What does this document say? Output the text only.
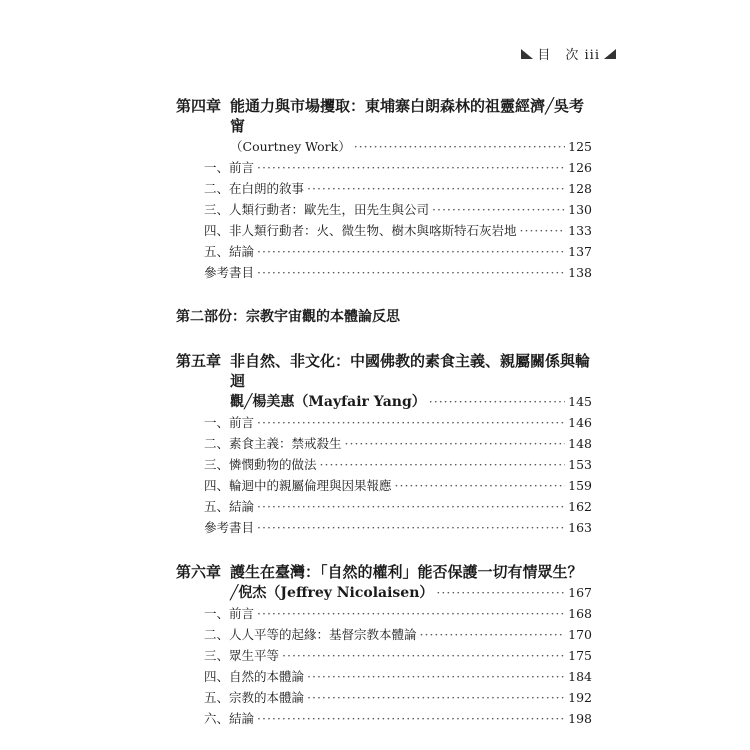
目　次 iii
第四章 能通力與市場攫取：東埔寨白朗森林的祖靈經濟╱吳考甯
（Courtney Work） ·····	125
一、前言 ·····	126
二、在白朗的敘事 ·····	128
三、人類行動者：歐先生，田先生與公司 ·····	130
四、非人類行動者：火、微生物、樹木與喀斯特石灰岩地 ·····	133
五、結論 ·····	137
參考書目 ·····	138
第二部份：宗教宇宙觀的本體論反思
第五章 非自然、非文化：中國佛教的素食主義、親屬關係與輪迴
觀╱楊美惠（Mayfair Yang） ·····	145
一、前言 ·····	146
二、素食主義：禁戒殺生 ·····	148
三、憐憫動物的做法 ·····	153
四、輪迴中的親屬倫理與因果報應 ·····	159
五、結論 ·····	162
參考書目 ·····	163
第六章 護生在臺灣：「自然的權利」能否保護一切有情眾生？
╱倪杰（Jeffrey Nicolaisen） ·····	167
一、前言 ·····	168
二、人人平等的起緣：基督宗教本體論 ·····	170
三、眾生平等 ·····	175
四、自然的本體論 ·····	184
五、宗教的本體論 ·····	192
六、結論 ·····	198
